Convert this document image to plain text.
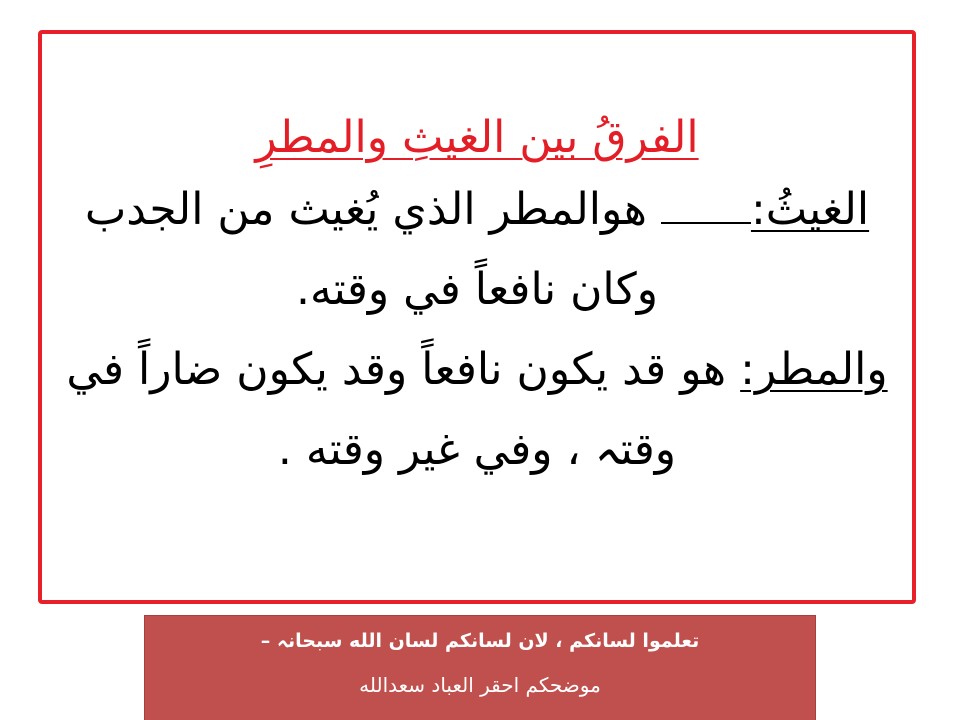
الفرقُ بين الغيثِ والمطرِ

الغيثُ: هوالمطر الذي يُغيث من الجدب وكان نافعاً في وقته.

والمطر: هو قد يكون نافعاً وقد يكون ضاراً في وقتہ ، وفي غير وقته .

تعلموا لسانكم ، لان لسانكم لسان الله سبحانہ –
موضحكم احقر العباد سعدالله
